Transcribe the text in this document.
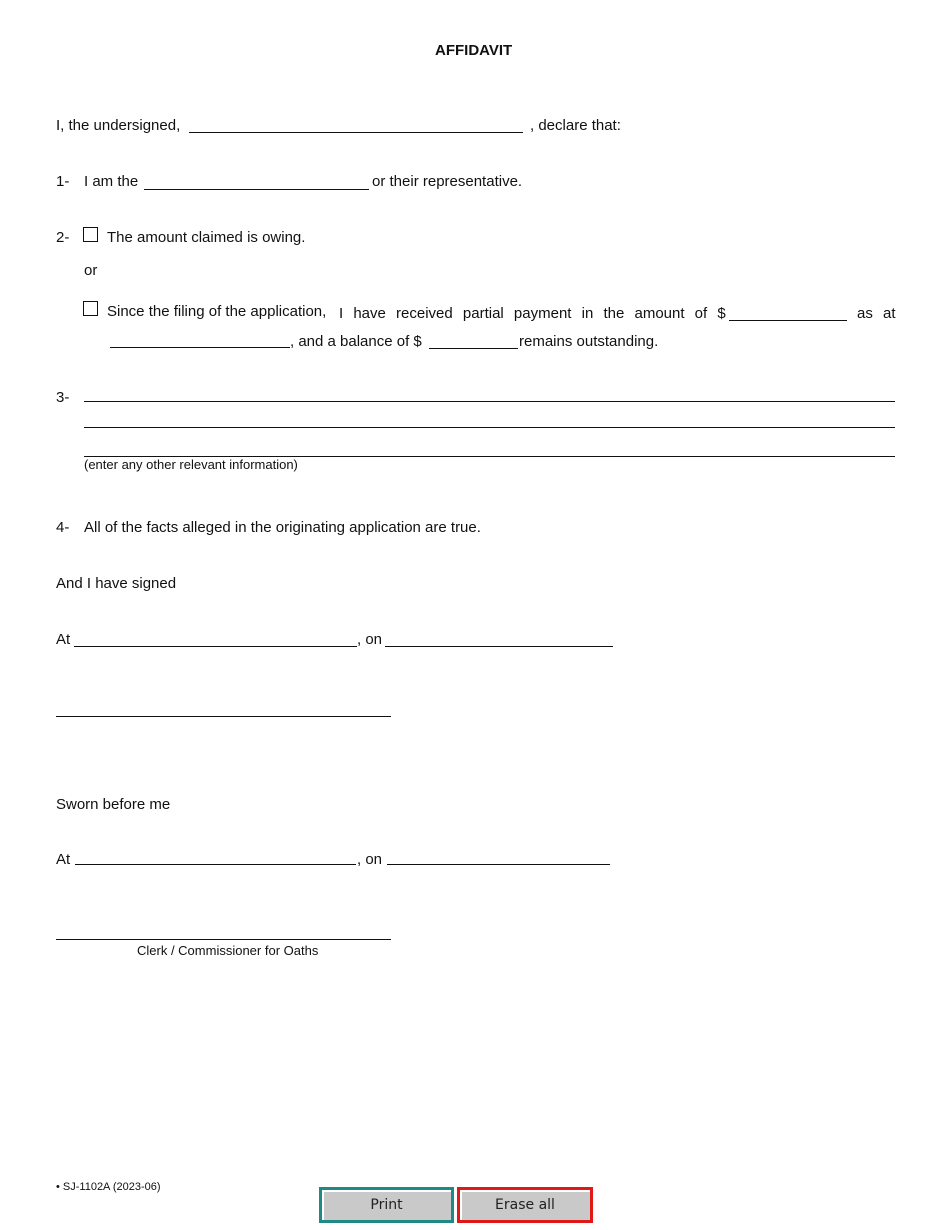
AFFIDAVIT
I, the undersigned,	, declare that:
1- I am the	or their representative.
2-	The amount claimed is owing.
or
Since the filing of the application, I have received partial payment in the amount of $	as at
, and a balance of $	remains outstanding.
3-
(enter any other relevant information)
4- All of the facts alleged in the originating application are true.
And I have signed
At	, on
Sworn before me
At	, on
Clerk / Commissioner for Oaths
• SJ-1102A (2023-06)
Print	Erase all
